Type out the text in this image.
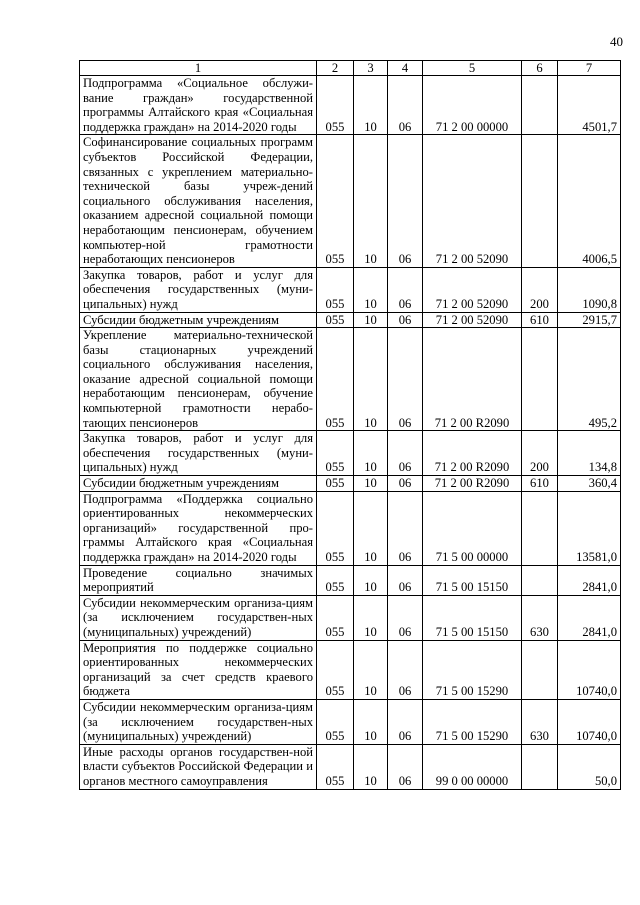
40
1	2	3	4	5	6	7
Подпрограмма «Социальное обслужи-вание граждан» государственной программы Алтайского края «Социальная поддержка граждан» на 2014-2020 годы	055	10	06	71 2 00 00000		4501,7
Софинансирование социальных программ субъектов Российской Федерации, связанных с укреплением материально-технической базы учреж-дений социального обслуживания населения, оказанием адресной социальной помощи неработающим пенсионерам, обучением компьютер-ной грамотности неработающих пенсионеров	055	10	06	71 2 00 52090		4006,5
Закупка товаров, работ и услуг для обеспечения государственных (муни-ципальных) нужд	055	10	06	71 2 00 52090	200	1090,8
Субсидии бюджетным учреждениям	055	10	06	71 2 00 52090	610	2915,7
Укрепление материально-технической базы стационарных учреждений социального обслуживания населения, оказание адресной социальной помощи неработающим пенсионерам, обучение компьютерной грамотности нерабо-тающих пенсионеров	055	10	06	71 2 00 R2090		495,2
Закупка товаров, работ и услуг для обеспечения государственных (муни-ципальных) нужд	055	10	06	71 2 00 R2090	200	134,8
Субсидии бюджетным учреждениям	055	10	06	71 2 00 R2090	610	360,4
Подпрограмма «Поддержка социально ориентированных некоммерческих организаций» государственной про-граммы Алтайского края «Социальная поддержка граждан» на 2014-2020 годы	055	10	06	71 5 00 00000		13581,0
Проведение социально значимых мероприятий	055	10	06	71 5 00 15150		2841,0
Субсидии некоммерческим организа-циям (за исключением государствен-ных (муниципальных) учреждений)	055	10	06	71 5 00 15150	630	2841,0
Мероприятия по поддержке социально ориентированных некоммерческих организаций за счет средств краевого бюджета	055	10	06	71 5 00 15290		10740,0
Субсидии некоммерческим организа-циям (за исключением государствен-ных (муниципальных) учреждений)	055	10	06	71 5 00 15290	630	10740,0
Иные расходы органов государствен-ной власти субъектов Российской Федерации и органов местного самоуправления	055	10	06	99 0 00 00000		50,0
